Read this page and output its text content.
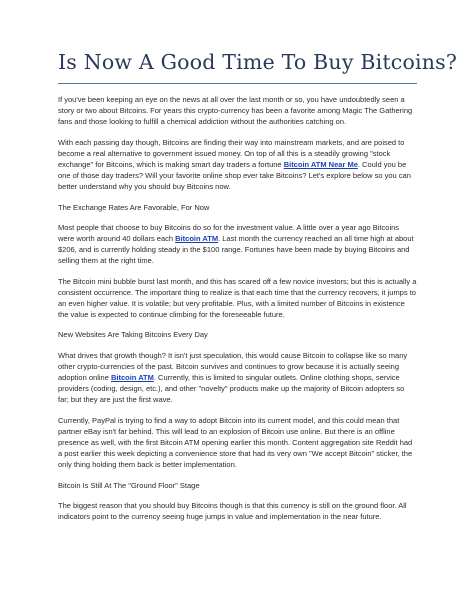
Is Now A Good Time To Buy Bitcoins?

If you've been keeping an eye on the news at all over the last month or so, you have undoubtedly seen a story or two about Bitcoins. For years this crypto-currency has been a favorite among Magic The Gathering fans and those looking to fulfill a chemical addiction without the authorities catching on.

With each passing day though, Bitcoins are finding their way into mainstream markets, and are poised to become a real alternative to government issued money. On top of all this is a steadily growing "stock exchange" for Bitcoins, which is making smart day traders a fortune Bitcoin ATM Near Me. Could you be one of those day traders? Will your favorite online shop ever take Bitcoins? Let's explore below so you can better understand why you should buy Bitcoins now.

The Exchange Rates Are Favorable, For Now

Most people that choose to buy Bitcoins do so for the investment value. A little over a year ago Bitcoins were worth around 40 dollars each Bitcoin ATM. Last month the currency reached an all time high at about $206, and is currently holding steady in the $100 range. Fortunes have been made by buying Bitcoins and selling them at the right time.

The Bitcoin mini bubble burst last month, and this has scared off a few novice investors; but this is actually a consistent occurrence. The important thing to realize is that each time that the currency recovers, it jumps to an even higher value. It is volatile; but very profitable. Plus, with a limited number of Bitcoins in existence the value is expected to continue climbing for the foreseeable future.

New Websites Are Taking Bitcoins Every Day

What drives that growth though? It isn't just speculation, this would cause Bitcoin to collapse like so many other crypto-currencies of the past. Bitcoin survives and continues to grow because it is actually seeing adoption online Bitcoin ATM. Currently, this is limited to singular outlets. Online clothing shops, service providers (coding, design, etc.), and other "novelty" products make up the majority of Bitcoin adopters so far; but they are just the first wave.

Currently, PayPal is trying to find a way to adopt Bitcoin into its current model, and this could mean that partner eBay isn't far behind. This will lead to an explosion of Bitcoin use online. But there is an offline presence as well, with the first Bitcoin ATM opening earlier this month. Content aggregation site Reddit had a post earlier this week depicting a convenience store that had its very own "We accept Bitcoin" sticker, the only thing holding them back is better implementation.

Bitcoin Is Still At The "Ground Floor" Stage

The biggest reason that you should buy Bitcoins though is that this currency is still on the ground floor. All indicators point to the currency seeing huge jumps in value and implementation in the near future.
